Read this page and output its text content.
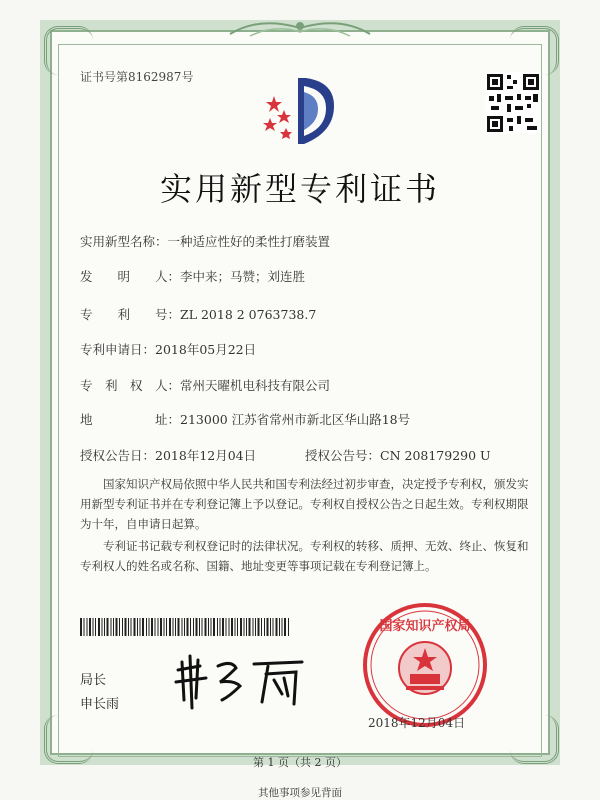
证书号第8162987号
实用新型专利证书
实用新型名称：一种适应性好的柔性打磨装置
发　　明　　人：李中来；马赞；刘连胜
专　　利　　号：ZL 2018 2 0763738.7
专利申请日：2018年05月22日
专　利　权　人：常州天曜机电科技有限公司
地　　　　　址：213000 江苏省常州市新北区华山路18号
授权公告日：2018年12月04日	授权公告号：CN 208179290 U
国家知识产权局依照中华人民共和国专利法经过初步审查，决定授予专利权，颁发实用新型专利证书并在专利登记簿上予以登记。专利权自授权公告之日起生效。专利权期限为十年，自申请日起算。
专利证书记载专利权登记时的法律状况。专利权的转移、质押、无效、终止、恢复和专利权人的姓名或名称、国籍、地址变更等事项记载在专利登记簿上。
局长
申长雨
国家知识产权局
2018年12月04日
第 1 页（共 2 页）
其他事项参见背面
